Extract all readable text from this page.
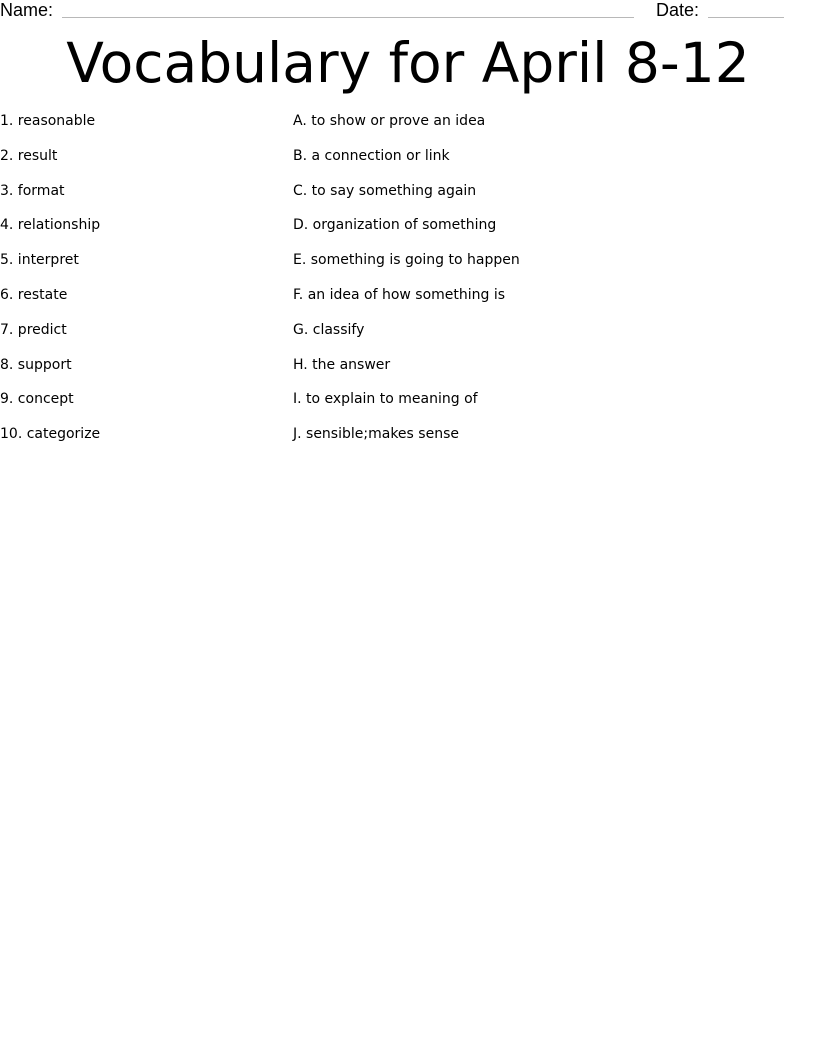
Name:	Date:
Vocabulary for April 8-12
1. reasonable	A. to show or prove an idea
2. result	B. a connection or link
3. format	C. to say something again
4. relationship	D. organization of something
5. interpret	E. something is going to happen
6. restate	F. an idea of how something is
7. predict	G. classify
8. support	H. the answer
9. concept	I. to explain to meaning of
10. categorize	J. sensible;makes sense
